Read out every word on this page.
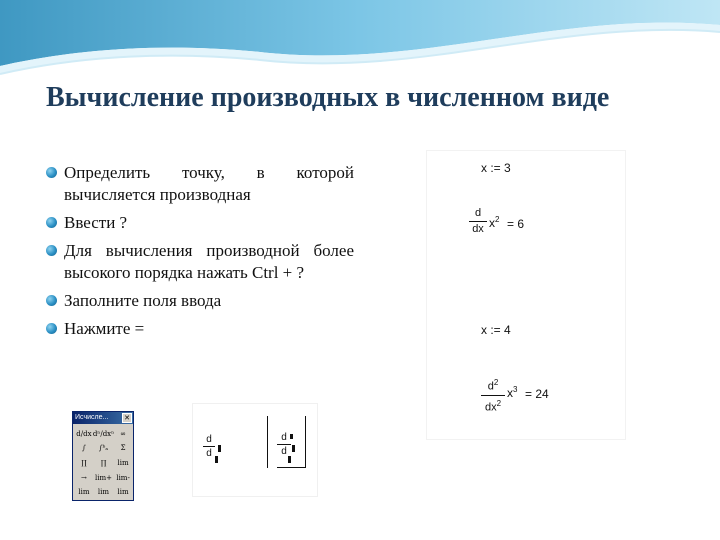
Вычисление производных в численном виде
Определить точку, в которой вычисляется производная
Ввести ?
Для вычисления производной более высокого порядка нажать Ctrl + ?
Заполните поля ввода
Нажмите =
x := 3
d
dx $x^2 = 6$
x := 4
$d^2$
$dx^2$
$x^3 = 24$
Исчисле... ✕
d/dx dⁿ/dxⁿ ∞
∫	∫ᵇₐ	Σ
∏	∏	lim
→	lim+ lim-
lim	lim	lim
d
d
d
d
